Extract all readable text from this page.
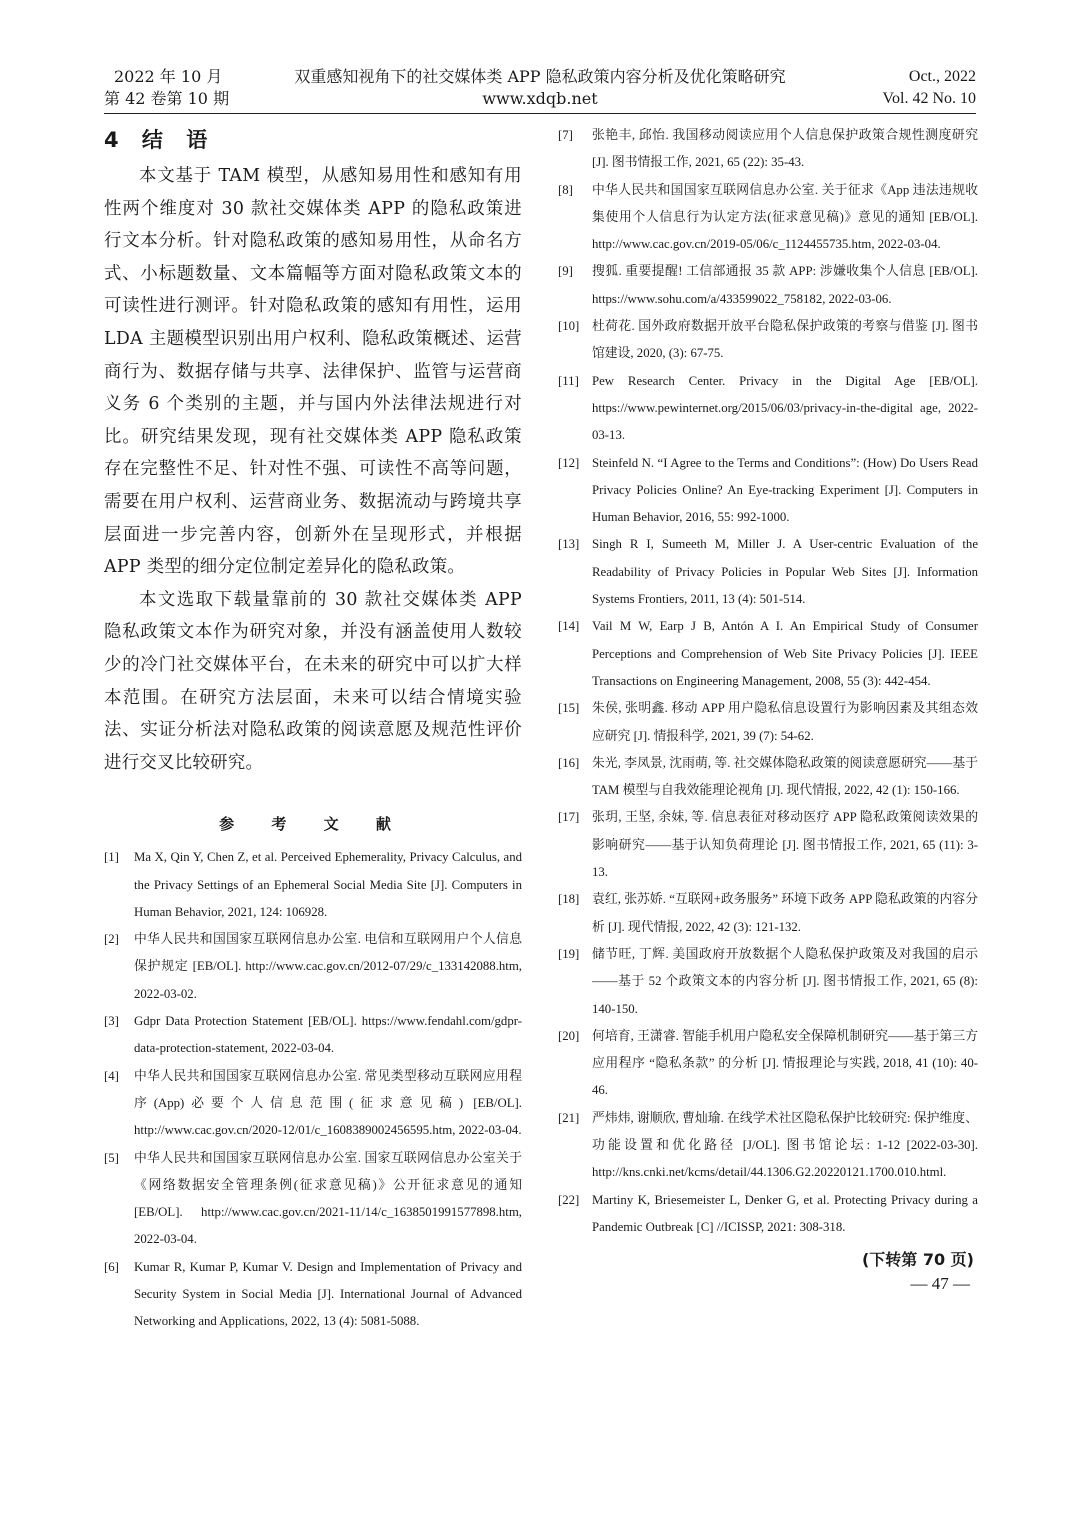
2022 年 10 月
第 42 卷第 10 期
双重感知视角下的社交媒体类 APP 隐私政策内容分析及优化策略研究
www.xdqb.net
Oct., 2022
Vol. 42 No. 10
4 结 语

本文基于 TAM 模型，从感知易用性和感知有用性两个维度对 30 款社交媒体类 APP 的隐私政策进行文本分析。针对隐私政策的感知易用性，从命名方式、小标题数量、文本篇幅等方面对隐私政策文本的可读性进行测评。针对隐私政策的感知有用性，运用 LDA 主题模型识别出用户权利、隐私政策概述、运营商行为、数据存储与共享、法律保护、监管与运营商义务 6 个类别的主题，并与国内外法律法规进行对比。研究结果发现，现有社交媒体类 APP 隐私政策存在完整性不足、针对性不强、可读性不高等问题，需要在用户权利、运营商业务、数据流动与跨境共享层面进一步完善内容，创新外在呈现形式，并根据 APP 类型的细分定位制定差异化的隐私政策。

本文选取下载量靠前的 30 款社交媒体类 APP 隐私政策文本作为研究对象，并没有涵盖使用人数较少的冷门社交媒体平台，在未来的研究中可以扩大样本范围。在研究方法层面，未来可以结合情境实验法、实证分析法对隐私政策的阅读意愿及规范性评价进行交叉比较研究。

参 考 文 献
[1] Ma X, Qin Y, Chen Z, et al. Perceived Ephemerality, Privacy Calculus, and the Privacy Settings of an Ephemeral Social Media Site [J]. Computers in Human Behavior, 2021, 124: 106928.
[2] 中华人民共和国国家互联网信息办公室. 电信和互联网用户个人信息保护规定 [EB/OL]. http://www.cac.gov.cn/2012-07/29/c_133142088.htm, 2022-03-02.
[3] Gdpr Data Protection Statement [EB/OL]. https://www.fendahl.com/gdpr-data-protection-statement, 2022-03-04.
[4] 中华人民共和国国家互联网信息办公室. 常见类型移动互联网应用程序(App)必要个人信息范围(征求意见稿) [EB/OL]. http://www.cac.gov.cn/2020-12/01/c_1608389002456595.htm, 2022-03-04.
[5] 中华人民共和国国家互联网信息办公室. 国家互联网信息办公室关于《网络数据安全管理条例(征求意见稿)》公开征求意见的通知 [EB/OL]. http://www.cac.gov.cn/2021-11/14/c_1638501991577898.htm, 2022-03-04.
[6] Kumar R, Kumar P, Kumar V. Design and Implementation of Privacy and Security System in Social Media [J]. International Journal of Advanced Networking and Applications, 2022, 13 (4): 5081-5088.
[7] 张艳丰, 邱怡. 我国移动阅读应用个人信息保护政策合规性测度研究 [J]. 图书情报工作, 2021, 65 (22): 35-43.
[8] 中华人民共和国国家互联网信息办公室. 关于征求《App 违法违规收集使用个人信息行为认定方法(征求意见稿)》意见的通知 [EB/OL]. http://www.cac.gov.cn/2019-05/06/c_1124455735.htm, 2022-03-04.
[9] 搜狐. 重要提醒! 工信部通报 35 款 APP: 涉嫌收集个人信息 [EB/OL]. https://www.sohu.com/a/433599022_758182, 2022-03-06.
[10] 杜荷花. 国外政府数据开放平台隐私保护政策的考察与借鉴 [J]. 图书馆建设, 2020, (3): 67-75.
[11] Pew Research Center. Privacy in the Digital Age [EB/OL]. https://www.pewinternet.org/2015/06/03/privacy-in-the-digital age, 2022-03-13.
[12] Steinfeld N. “I Agree to the Terms and Conditions”: (How) Do Users Read Privacy Policies Online? An Eye-tracking Experiment [J]. Computers in Human Behavior, 2016, 55: 992-1000.
[13] Singh R I, Sumeeth M, Miller J. A User-centric Evaluation of the Readability of Privacy Policies in Popular Web Sites [J]. Information Systems Frontiers, 2011, 13 (4): 501-514.
[14] Vail M W, Earp J B, Antón A I. An Empirical Study of Consumer Perceptions and Comprehension of Web Site Privacy Policies [J]. IEEE Transactions on Engineering Management, 2008, 55 (3): 442-454.
[15] 朱侯, 张明鑫. 移动 APP 用户隐私信息设置行为影响因素及其组态效应研究 [J]. 情报科学, 2021, 39 (7): 54-62.
[16] 朱光, 李凤景, 沈雨萌, 等. 社交媒体隐私政策的阅读意愿研究——基于 TAM 模型与自我效能理论视角 [J]. 现代情报, 2022, 42 (1): 150-166.
[17] 张玥, 王坚, 余妹, 等. 信息表征对移动医疗 APP 隐私政策阅读效果的影响研究——基于认知负荷理论 [J]. 图书情报工作, 2021, 65 (11): 3-13.
[18] 袁红, 张苏娇. “互联网+政务服务” 环境下政务 APP 隐私政策的内容分析 [J]. 现代情报, 2022, 42 (3): 121-132.
[19] 储节旺, 丁辉. 美国政府开放数据个人隐私保护政策及对我国的启示——基于 52 个政策文本的内容分析 [J]. 图书情报工作, 2021, 65 (8): 140-150.
[20] 何培育, 王潇睿. 智能手机用户隐私安全保障机制研究——基于第三方应用程序 “隐私条款” 的分析 [J]. 情报理论与实践, 2018, 41 (10): 40-46.
[21] 严炜炜, 谢顺欣, 曹灿瑜. 在线学术社区隐私保护比较研究: 保护维度、功能设置和优化路径 [J/OL]. 图书馆论坛: 1-12 [2022-03-30]. http://kns.cnki.net/kcms/detail/44.1306.G2.20220121.1700.010.html.
[22] Martiny K, Briesemeister L, Denker G, et al. Protecting Privacy during a Pandemic Outbreak [C] //ICISSP, 2021: 308-318.
(下转第 70 页)
— 47 —
